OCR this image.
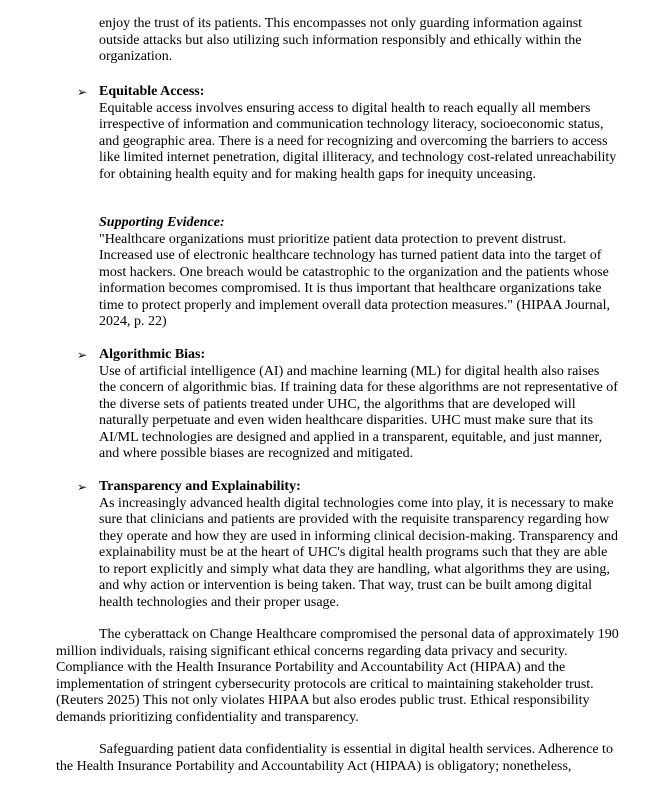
enjoy the trust of its patients. This encompasses not only guarding information against outside attacks but also utilizing such information responsibly and ethically within the organization.

➢ Equitable Access:

Equitable access involves ensuring access to digital health to reach equally all members irrespective of information and communication technology literacy, socioeconomic status, and geographic area. There is a need for recognizing and overcoming the barriers to access like limited internet penetration, digital illiteracy, and technology cost-related unreachability for obtaining health equity and for making health gaps for inequity unceasing.

Supporting Evidence:

"Healthcare organizations must prioritize patient data protection to prevent distrust. Increased use of electronic healthcare technology has turned patient data into the target of most hackers. One breach would be catastrophic to the organization and the patients whose information becomes compromised. It is thus important that healthcare organizations take time to protect properly and implement overall data protection measures." (HIPAA Journal, 2024, p. 22)

➢ Algorithmic Bias:

Use of artificial intelligence (AI) and machine learning (ML) for digital health also raises the concern of algorithmic bias. If training data for these algorithms are not representative of the diverse sets of patients treated under UHC, the algorithms that are developed will naturally perpetuate and even widen healthcare disparities. UHC must make sure that its AI/ML technologies are designed and applied in a transparent, equitable, and just manner, and where possible biases are recognized and mitigated.

➢ Transparency and Explainability:

As increasingly advanced health digital technologies come into play, it is necessary to make sure that clinicians and patients are provided with the requisite transparency regarding how they operate and how they are used in informing clinical decision-making. Transparency and explainability must be at the heart of UHC's digital health programs such that they are able to report explicitly and simply what data they are handling, what algorithms they are using, and why action or intervention is being taken. That way, trust can be built among digital health technologies and their proper usage.

The cyberattack on Change Healthcare compromised the personal data of approximately 190 million individuals, raising significant ethical concerns regarding data privacy and security. Compliance with the Health Insurance Portability and Accountability Act (HIPAA) and the implementation of stringent cybersecurity protocols are critical to maintaining stakeholder trust. (Reuters 2025) This not only violates HIPAA but also erodes public trust. Ethical responsibility demands prioritizing confidentiality and transparency.

Safeguarding patient data confidentiality is essential in digital health services. Adherence to the Health Insurance Portability and Accountability Act (HIPAA) is obligatory; nonetheless,
